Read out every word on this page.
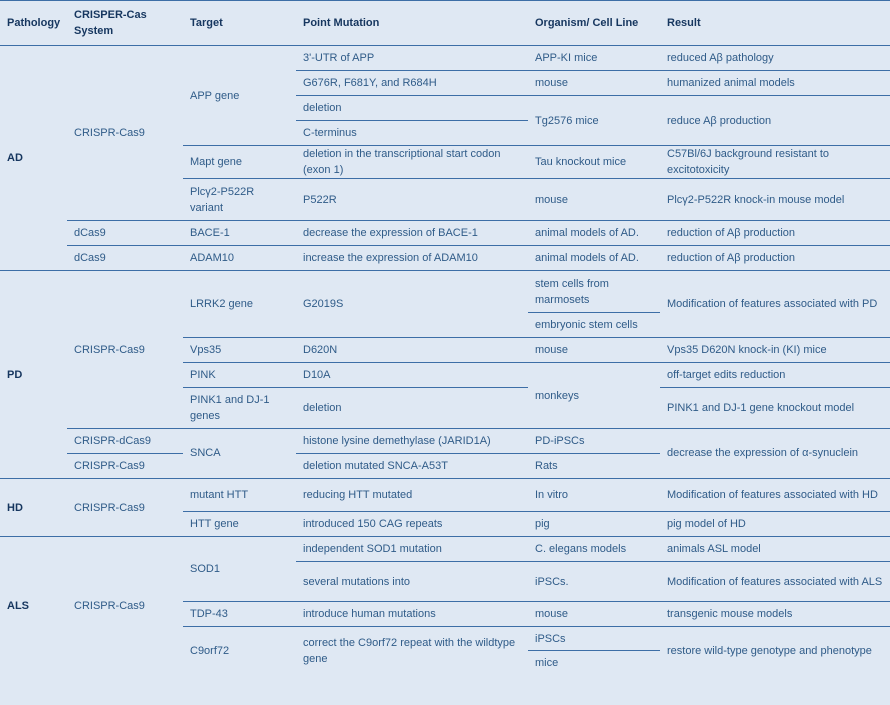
Pathology	CRISPER-Cas System	Target	Point Mutation	Organism/ Cell Line	Result
AD	CRISPR-Cas9	APP gene	3'-UTR of APP	APP-KI mice	reduced Aβ pathology
			G676R, F681Y, and R684H	mouse	humanized animal models
			deletion	Tg2576 mice	reduce Aβ production
			C-terminus		
		Mapt gene	deletion in the transcriptional start codon (exon 1)	Tau knockout mice	C57Bl/6J background resistant to excitotoxicity
		Plcγ2-P522R variant	P522R	mouse	Plcγ2-P522R knock-in mouse model
	dCas9	BACE-1	decrease the expression of BACE-1	animal models of AD.	reduction of Aβ production
	dCas9	ADAM10	increase the expression of ADAM10	animal models of AD.	reduction of Aβ production
PD	CRISPR-Cas9	LRRK2 gene	G2019S	stem cells from marmosets	Modification of features associated with PD
				embryonic stem cells	
		Vps35	D620N	mouse	Vps35 D620N knock-in (KI) mice
		PINK	D10A	monkeys	off-target edits reduction
		PINK1 and DJ-1 genes	deletion		PINK1 and DJ-1 gene knockout model

	CRISPR-dCas9	SNCA	histone lysine demethylase (JARID1A)	PD-iPSCs	decrease the expression of α-synuclein
	CRISPR-Cas9		deletion mutated SNCA-A53T	Rats	
HD	CRISPR-Cas9	mutant HTT	reducing HTT mutated	In vitro	Modification of features associated with HD
		HTT gene	introduced 150 CAG repeats	pig	pig model of HD
ALS	CRISPR-Cas9	SOD1	independent SOD1 mutation	C. elegans models	animals ASL model
			several mutations into	iPSCs.	Modification of features associated with ALS
		TDP-43	introduce human mutations	mouse	transgenic mouse models
		C9orf72	correct the C9orf72 repeat with the wildtype gene	iPSCs	restore wild-type genotype and phenotype
				mice	
